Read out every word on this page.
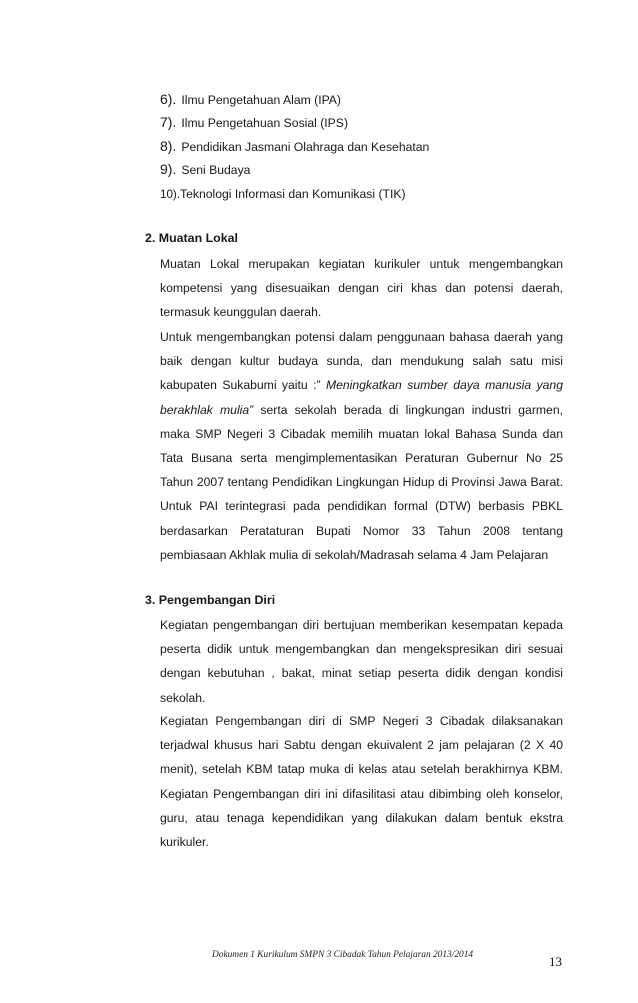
6). Ilmu Pengetahuan Alam (IPA)
7). Ilmu Pengetahuan Sosial (IPS)
8). Pendidikan Jasmani Olahraga dan Kesehatan
9). Seni Budaya
10).Teknologi Informasi dan Komunikasi (TIK)
2. Muatan Lokal
Muatan Lokal merupakan kegiatan kurikuler untuk mengembangkan kompetensi yang disesuaikan dengan ciri khas dan potensi daerah, termasuk keunggulan daerah.
Untuk mengembangkan potensi dalam penggunaan bahasa daerah yang baik dengan kultur budaya sunda, dan mendukung salah satu misi kabupaten Sukabumi yaitu :” Meningkatkan sumber daya manusia yang berakhlak mulia” serta sekolah berada di lingkungan industri garmen, maka SMP Negeri 3 Cibadak memilih muatan lokal Bahasa Sunda dan Tata Busana serta mengimplementasikan Peraturan Gubernur No 25 Tahun 2007 tentang Pendidikan Lingkungan Hidup di Provinsi Jawa Barat. Untuk PAI terintegrasi pada pendidikan formal (DTW) berbasis PBKL berdasarkan Perataturan Bupati Nomor 33 Tahun 2008 tentang pembiasaan Akhlak mulia di sekolah/Madrasah selama 4 Jam Pelajaran
3. Pengembangan Diri
Kegiatan pengembangan diri bertujuan memberikan kesempatan kepada peserta didik untuk mengembangkan dan mengekspresikan diri sesuai dengan kebutuhan , bakat, minat setiap peserta didik dengan kondisi sekolah.
Kegiatan Pengembangan diri di SMP Negeri 3 Cibadak dilaksanakan terjadwal khusus hari Sabtu dengan ekuivalent 2 jam pelajaran (2 X 40 menit), setelah KBM tatap muka di kelas atau setelah berakhirnya KBM. Kegiatan Pengembangan diri ini difasilitasi atau dibimbing oleh konselor, guru, atau tenaga kependidikan yang dilakukan dalam bentuk ekstra kurikuler.
Dokumen 1 Kurikulum SMPN 3 Cibadak Tahun Pelajaran 2013/2014	13
